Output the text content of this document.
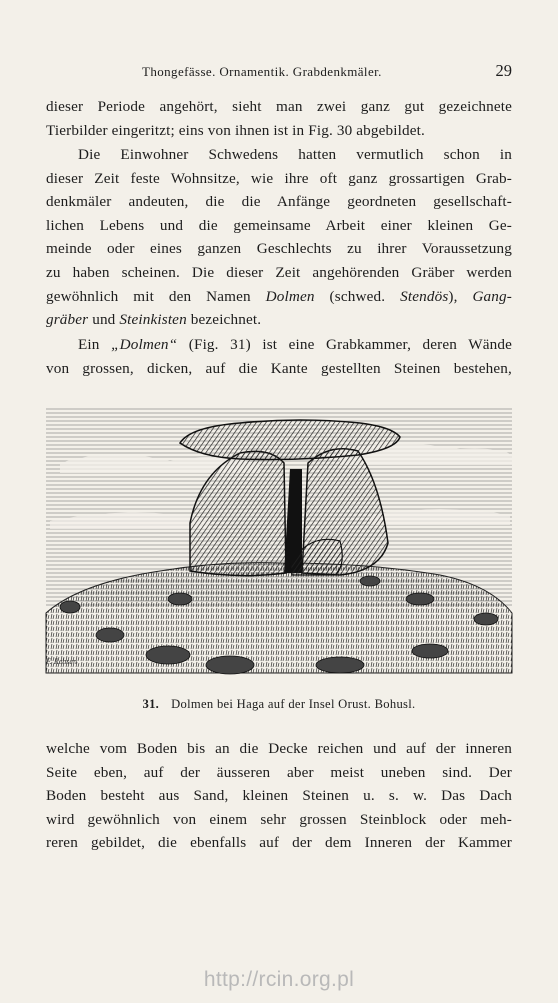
Thongefässe. Ornamentik. Grabdenkmäler.	29
dieser Periode angehört, sieht man zwei ganz gut gezeichnete
Tierbilder eingeritzt; eins von ihnen ist in Fig. 30 abgebildet.
Die Einwohner Schwedens hatten vermutlich schon in
dieser Zeit feste Wohnsitze, wie ihre oft ganz grossartigen Grab-
denkmäler andeuten, die die Anfänge geordneten gesellschaft-
lichen Lebens und die gemeinsame Arbeit einer kleinen Ge-
meinde oder eines ganzen Geschlechts zu ihrer Voraussetzung
zu haben scheinen. Die dieser Zeit angehörenden Gräber werden
gewöhnlich mit den Namen Dolmen (schwed. Stendös), Gang-
gräber und Steinkisten bezeichnet.
Ein „Dolmen“ (Fig. 31) ist eine Grabkammer, deren Wände
von grossen, dicken, auf die Kante gestellten Steinen bestehen,
F. Rehsen
31. Dolmen bei Haga auf der Insel Orust. Bohusl.
welche vom Boden bis an die Decke reichen und auf der inneren
Seite eben, auf der äusseren aber meist uneben sind. Der
Boden besteht aus Sand, kleinen Steinen u. s. w. Das Dach
wird gewöhnlich von einem sehr grossen Steinblock oder meh-
reren gebildet, die ebenfalls auf der dem Inneren der Kammer
http://rcin.org.pl
